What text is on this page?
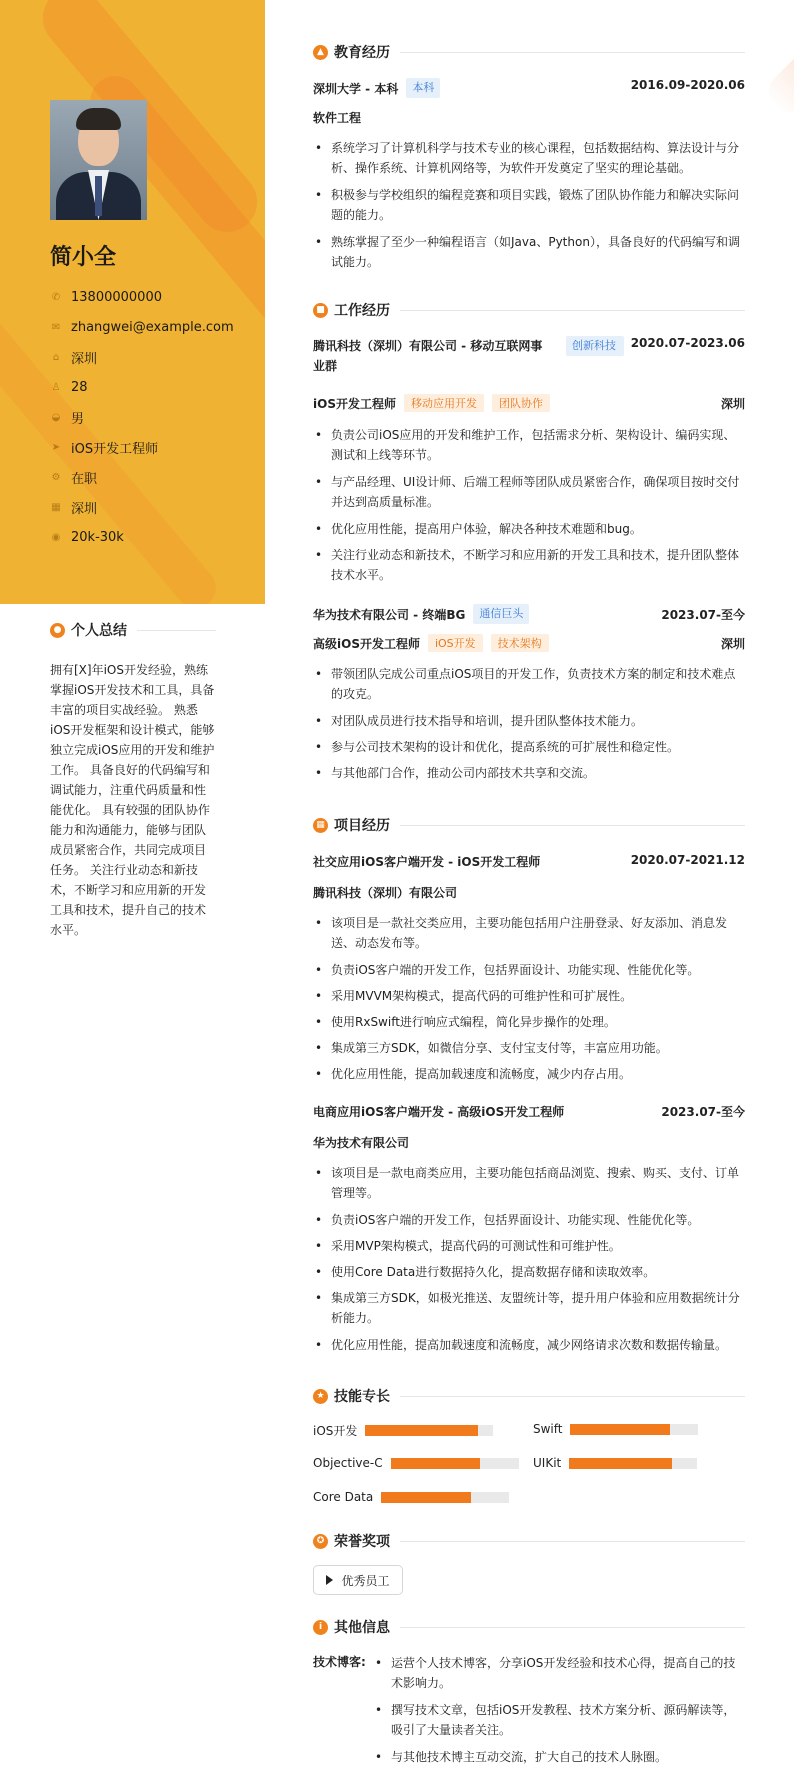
简小全
✆ 13800000000
✉ zhangwei@example.com
⌂ 深圳
♙ 28
◒ 男
➤ iOS开发工程师
⚙ 在职
▦ 深圳
◉ 20k-30k
● 个人总结
拥有[X]年iOS开发经验，熟练掌握iOS开发技术和工具，具备丰富的项目实战经验。 熟悉iOS开发框架和设计模式，能够独立完成iOS应用的开发和维护工作。 具备良好的代码编写和调试能力，注重代码质量和性能优化。 具有较强的团队协作能力和沟通能力，能够与团队成员紧密合作，共同完成项目任务。 关注行业动态和新技术，不断学习和应用新的开发工具和技术，提升自己的技术水平。
▲ 教育经历
深圳大学 - 本科	本科	2016.09-2020.06
软件工程
• 系统学习了计算机科学与技术专业的核心课程，包括数据结构、算法设计与分析、操作系统、计算机网络等，为软件开发奠定了坚实的理论基础。
• 积极参与学校组织的编程竞赛和项目实践，锻炼了团队协作能力和解决实际问题的能力。
• 熟练掌握了至少一种编程语言（如Java、Python），具备良好的代码编写和调试能力。
■ 工作经历
腾讯科技（深圳）有限公司 - 移动互联网事业群
创新科技	2020.07-2023.06
iOS开发工程师	移动应用开发	团队协作	深圳
• 负责公司iOS应用的开发和维护工作，包括需求分析、架构设计、编码实现、测试和上线等环节。
• 与产品经理、UI设计师、后端工程师等团队成员紧密合作，确保项目按时交付并达到高质量标准。
• 优化应用性能，提高用户体验，解决各种技术难题和bug。
• 关注行业动态和新技术，不断学习和应用新的开发工具和技术，提升团队整体技术水平。
华为技术有限公司 - 终端BG	通信巨头	2023.07-至今
高级iOS开发工程师	iOS开发	技术架构	深圳
• 带领团队完成公司重点iOS项目的开发工作，负责技术方案的制定和技术难点的攻克。
• 对团队成员进行技术指导和培训，提升团队整体技术能力。
• 参与公司技术架构的设计和优化，提高系统的可扩展性和稳定性。
• 与其他部门合作，推动公司内部技术共享和交流。
▦ 项目经历
社交应用iOS客户端开发 - iOS开发工程师	2020.07-2021.12
腾讯科技（深圳）有限公司
• 该项目是一款社交类应用，主要功能包括用户注册登录、好友添加、消息发送、动态发布等。
• 负责iOS客户端的开发工作，包括界面设计、功能实现、性能优化等。
• 采用MVVM架构模式，提高代码的可维护性和可扩展性。
• 使用RxSwift进行响应式编程，简化异步操作的处理。
• 集成第三方SDK，如微信分享、支付宝支付等，丰富应用功能。
• 优化应用性能，提高加载速度和流畅度，减少内存占用。
电商应用iOS客户端开发 - 高级iOS开发工程师	2023.07-至今
华为技术有限公司
• 该项目是一款电商类应用，主要功能包括商品浏览、搜索、购买、支付、订单管理等。
• 负责iOS客户端的开发工作，包括界面设计、功能实现、性能优化等。
• 采用MVP架构模式，提高代码的可测试性和可维护性。
• 使用Core Data进行数据持久化，提高数据存储和读取效率。
• 集成第三方SDK，如极光推送、友盟统计等，提升用户体验和应用数据统计分析能力。
• 优化应用性能，提高加载速度和流畅度，减少网络请求次数和数据传输量。
★ 技能专长
iOS开发	Swift
Objective-C	UIKit
Core Data
✪ 荣誉奖项
优秀员工
i 其他信息
技术博客:
•	运营个人技术博客，分享iOS开发经验和技术心得，提高自己的技术影响力。
• 撰写技术文章，包括iOS开发教程、技术方案分析、源码解读等，吸引了大量读者关注。
• 与其他技术博主互动交流，扩大自己的技术人脉圈。
